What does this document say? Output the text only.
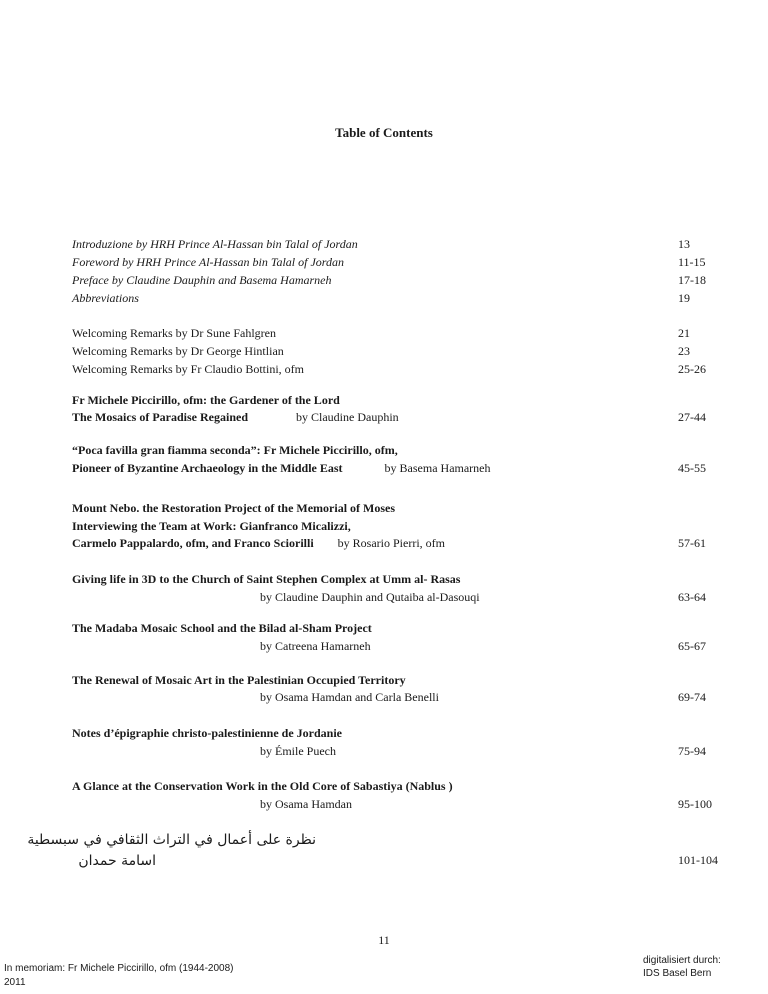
Table of Contents
Introduzione by HRH Prince Al-Hassan bin Talal of Jordan	13
Foreword by HRH Prince Al-Hassan bin Talal of Jordan	11-15
Preface by Claudine Dauphin and Basema Hamarneh	17-18
Abbreviations	19
Welcoming Remarks by Dr Sune Fahlgren	21
Welcoming Remarks by Dr George Hintlian	23
Welcoming Remarks by Fr Claudio Bottini, ofm	25-26
Fr Michele Piccirillo, ofm: the Gardener of the Lord
The Mosaics of Paradise Regained	by Claudine Dauphin	27-44
“Poca favilla gran fiamma seconda”: Fr Michele Piccirillo, ofm,
Pioneer of Byzantine Archaeology in the Middle East	by Basema Hamarneh	45-55
Mount Nebo. the Restoration Project of the Memorial of Moses
Interviewing the Team at Work: Gianfranco Micalizzi,
Carmelo Pappalardo, ofm, and Franco Sciorilli by Rosario Pierri, ofm	57-61
Giving life in 3D to the Church of Saint Stephen Complex at Umm al- Rasas
by Claudine Dauphin and Qutaiba al-Dasouqi	63-64
The Madaba Mosaic School and the Bilad al-Sham Project
by Catreena Hamarneh	65-67
The Renewal of Mosaic Art in the Palestinian Occupied Territory
by Osama Hamdan and Carla Benelli	69-74
Notes d’épigraphie christo-palestinienne de Jordanie
by Émile Puech	75-94
A Glance at the Conservation Work in the Old Core of Sabastiya (Nablus )
by Osama Hamdan	95-100
نظرة على أعمال في التراث الثقافي في سبسطية
اسامة حمدان	101-104
11
In memoriam: Fr Michele Piccirillo, ofm (1944-2008)
2011
digitalisiert durch:
IDS Basel Bern
